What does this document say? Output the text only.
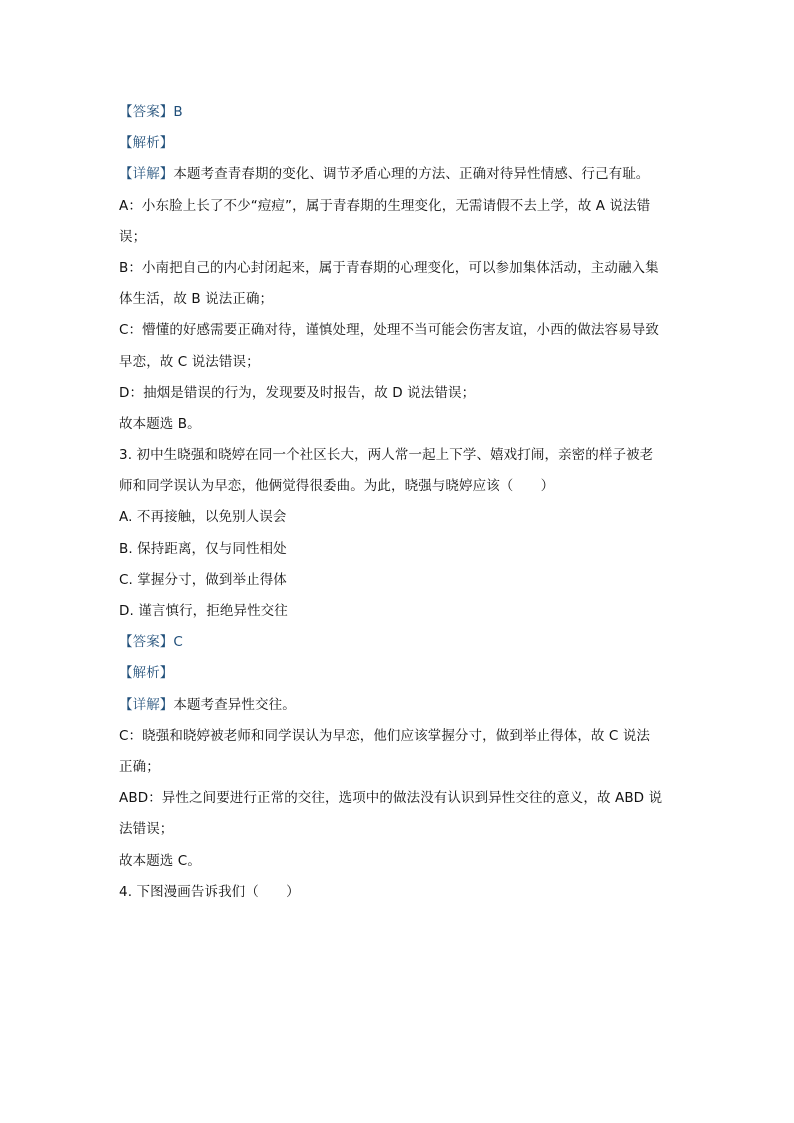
【答案】B
【解析】
【详解】本题考查青春期的变化、调节矛盾心理的方法、正确对待异性情感、行己有耻。
A：小东脸上长了不少“痘痘”，属于青春期的生理变化，无需请假不去上学，故 A 说法错
误；
B：小南把自己的内心封闭起来，属于青春期的心理变化，可以参加集体活动，主动融入集
体生活，故 B 说法正确；
C：懵懂的好感需要正确对待，谨慎处理，处理不当可能会伤害友谊，小西的做法容易导致
早恋，故 C 说法错误；
D：抽烟是错误的行为，发现要及时报告，故 D 说法错误；
故本题选 B。
3. 初中生晓强和晓婷在同一个社区长大，两人常一起上下学、嬉戏打闹，亲密的样子被老
师和同学误认为早恋，他俩觉得很委曲。为此，晓强与晓婷应该（　　）
A. 不再接触，以免别人误会
B. 保持距离，仅与同性相处
C. 掌握分寸，做到举止得体
D. 谨言慎行，拒绝异性交往
【答案】C
【解析】
【详解】本题考查异性交往。
C：晓强和晓婷被老师和同学误认为早恋，他们应该掌握分寸，做到举止得体，故 C 说法
正确；
ABD：异性之间要进行正常的交往，选项中的做法没有认识到异性交往的意义，故 ABD 说
法错误；
故本题选 C。
4. 下图漫画告诉我们（　　）
